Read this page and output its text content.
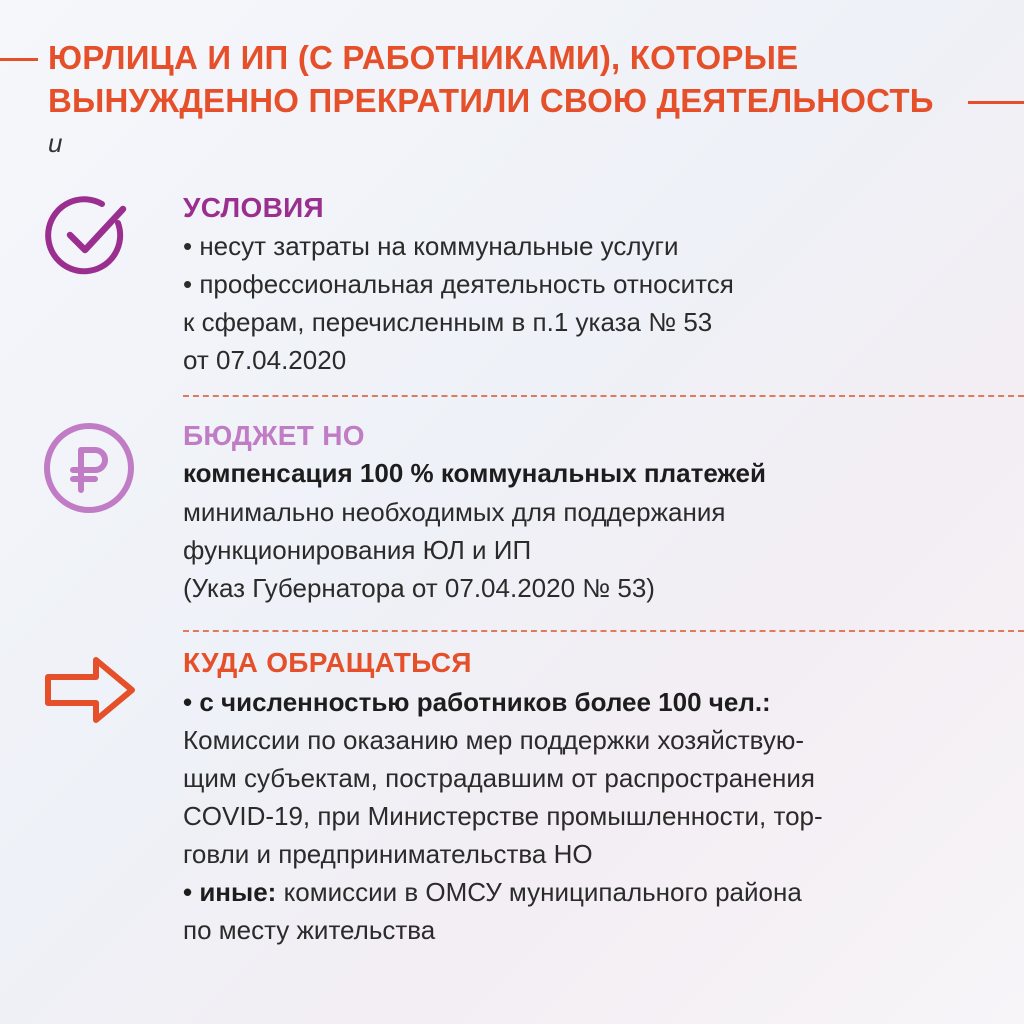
ЮРЛИЦА И ИП (С РАБОТНИКАМИ), КОТОРЫЕ
ВЫНУЖДЕННО ПРЕКРАТИЛИ СВОЮ ДЕЯТЕЛЬНОСТЬ
и
УСЛОВИЯ
• несут затраты на коммунальные услуги
• профессиональная деятельность относится
к сферам, перечисленным в п.1 указа № 53
от 07.04.2020
БЮДЖЕТ НО
компенсация 100 % коммунальных платежей
минимально необходимых для поддержания
функционирования ЮЛ и ИП
(Указ Губернатора от 07.04.2020 № 53)
КУДА ОБРАЩАТЬСЯ
• с численностью работников более 100 чел.:
Комиссии по оказанию мер поддержки хозяйствую-
щим субъектам, пострадавшим от распространения
COVID-19, при Министерстве промышленности, тор-
говли и предпринимательства НО
• иные: комиссии в ОМСУ муниципального района
по месту жительства
